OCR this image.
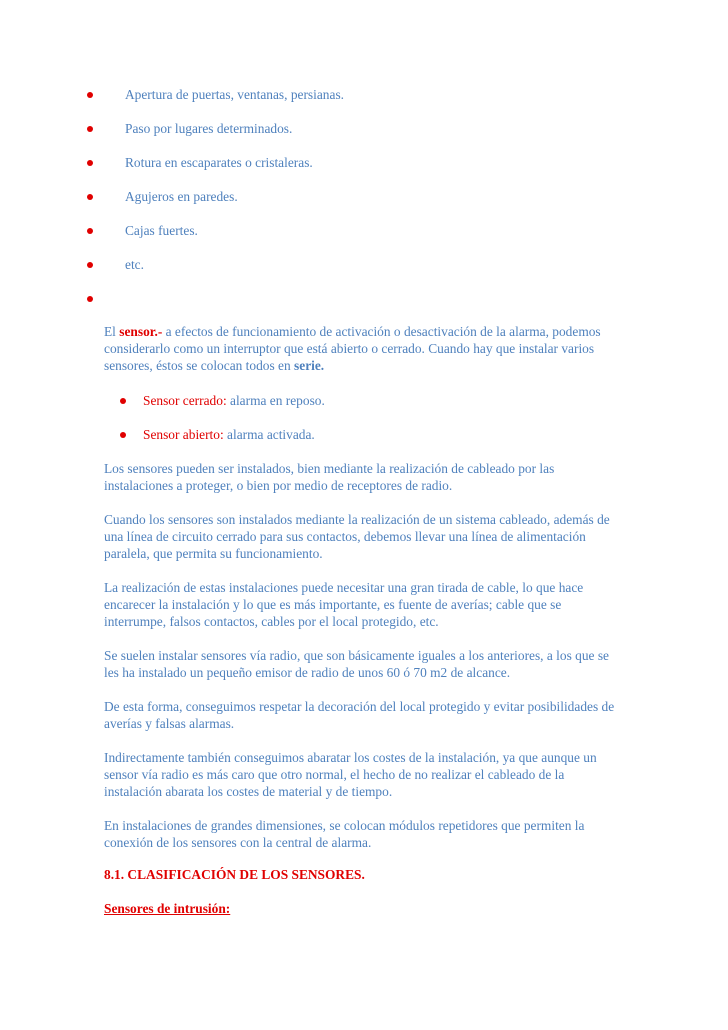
Apertura de puertas, ventanas, persianas.
Paso por lugares determinados.
Rotura en escaparates o cristaleras.
Agujeros en paredes.
Cajas fuertes.
etc.

El sensor.- a efectos de funcionamiento de activación o desactivación de la alarma, podemos considerarlo como un interruptor que está abierto o cerrado. Cuando hay que instalar varios sensores, éstos se colocan todos en serie.

Sensor cerrado: alarma en reposo.
Sensor abierto: alarma activada.

Los sensores pueden ser instalados, bien mediante la realización de cableado por las instalaciones a proteger, o bien por medio de receptores de radio.

Cuando los sensores son instalados mediante la realización de un sistema cableado, además de una línea de circuito cerrado para sus contactos, debemos llevar una línea de alimentación paralela, que permita su funcionamiento.

La realización de estas instalaciones puede necesitar una gran tirada de cable, lo que hace encarecer la instalación y lo que es más importante, es fuente de averías; cable que se interrumpe, falsos contactos, cables por el local protegido, etc.

Se suelen instalar sensores vía radio, que son básicamente iguales a los anteriores, a los que se les ha instalado un pequeño emisor de radio de unos 60 ó 70 m2 de alcance.

De esta forma, conseguimos respetar la decoración del local protegido y evitar posibilidades de averías y falsas alarmas.

Indirectamente también conseguimos abaratar los costes de la instalación, ya que aunque un sensor vía radio es más caro que otro normal, el hecho de no realizar el cableado de la instalación abarata los costes de material y de tiempo.

En instalaciones de grandes dimensiones, se colocan módulos repetidores que permiten la conexión de los sensores con la central de alarma.

8.1. CLASIFICACIÓN DE LOS SENSORES.
Sensores de intrusión:
